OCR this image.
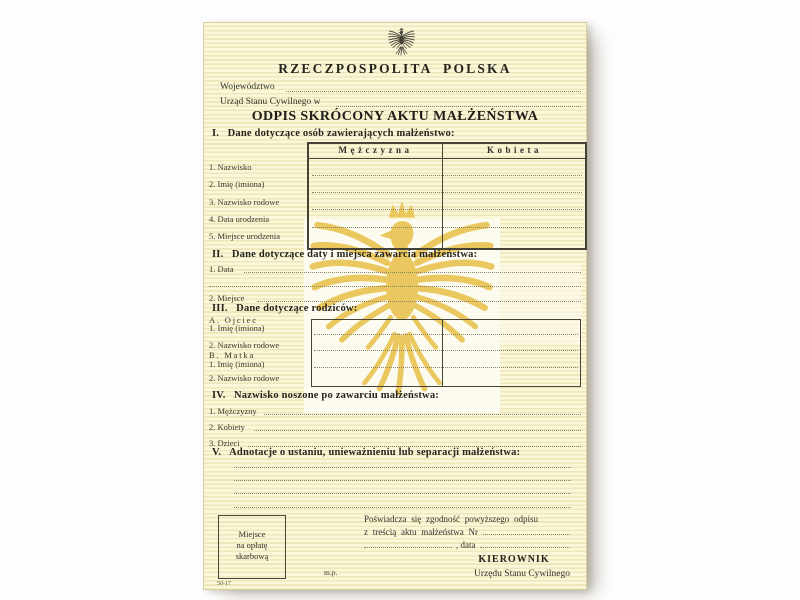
RZECZPOSPOLITA  POLSKA
Województwo
Urząd Stanu Cywilnego w
ODPIS SKRÓCONY AKTU MAŁŻEŃSTWA
I.   Dane dotyczące osób zawierających małżeństwo:
Mężczyzna	Kobieta
1. Nazwisko
2. Imię (imiona)
3. Nazwisko rodowe
4. Data urodzenia
5. Miejsce urodzenia
II.   Dane dotyczące daty i miejsca zawarcia małżeństwa:
1. Data
2. Miejsce
III.   Dane dotyczące rodziców:
A. Ojciec
1. Imię (imiona)
2. Nazwisko rodowe
B. Matka
1. Imię (imiona)
2. Nazwisko rodowe
IV.   Nazwisko noszone po zawarciu małżeństwa:
1. Mężczyzny
2. Kobiety
3. Dzieci
V.   Adnotacje o ustaniu, unieważnieniu lub separacji małżeństwa:
Miejsce
na opłatę
skarbową
Poświadcza się zgodność powyższego odpisu
z treścią aktu małżeństwa Nr
, data
KIEROWNIK
Urzędu Stanu Cywilnego
m.p.
50-17
